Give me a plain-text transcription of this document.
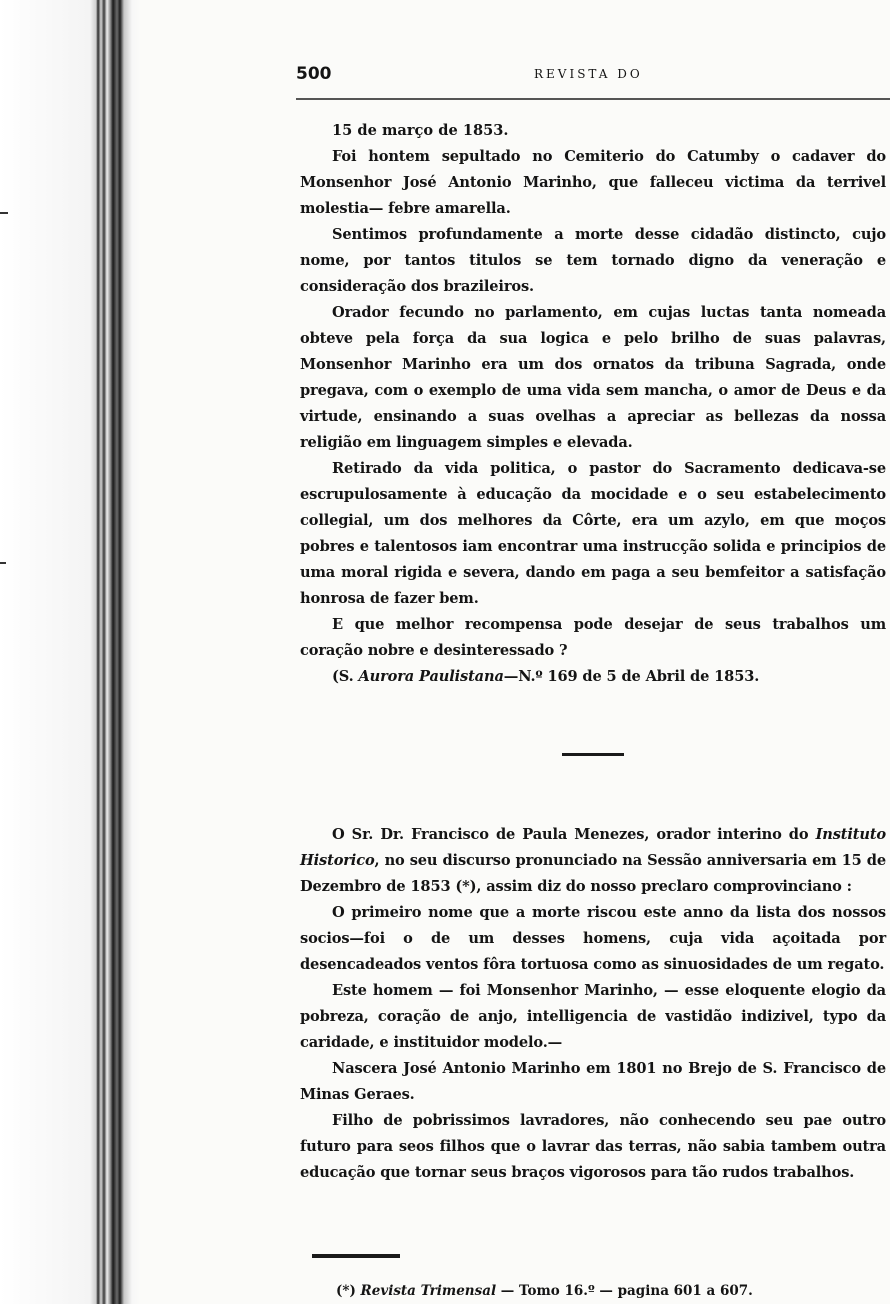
500	REVISTA DO
15 de março de 1853.

Foi hontem sepultado no Cemiterio do Catumby o cadaver do Monsenhor José Antonio Marinho, que falleceu victima da terrivel molestia— febre amarella.

Sentimos profundamente a morte desse cidadão distincto, cujo nome, por tantos titulos se tem tornado digno da veneração e consideração dos brazileiros.

Orador fecundo no parlamento, em cujas luctas tanta nomeada obteve pela força da sua logica e pelo brilho de suas palavras, Monsenhor Marinho era um dos ornatos da tribuna Sagrada, onde pregava, com o exemplo de uma vida sem mancha, o amor de Deus e da virtude, ensinando a suas ovelhas a apreciar as bellezas da nossa religião em linguagem simples e elevada.

Retirado da vida politica, o pastor do Sacramento dedicava-se escrupulosamente à educação da mocidade e o seu estabelecimento collegial, um dos melhores da Côrte, era um azylo, em que moços pobres e talentosos iam encontrar uma instrucção solida e principios de uma moral rigida e severa, dando em paga a seu bemfeitor a satisfação honrosa de fazer bem.

E que melhor recompensa pode desejar de seus trabalhos um coração nobre e desinteressado ?

(S. Aurora Paulistana—N.º 169 de 5 de Abril de 1853.

O Sr. Dr. Francisco de Paula Menezes, orador interino do Instituto Historico, no seu discurso pronunciado na Sessão anniversaria em 15 de Dezembro de 1853 (*), assim diz do nosso preclaro comprovinciano :

O primeiro nome que a morte riscou este anno da lista dos nossos socios—foi o de um desses homens, cuja vida açoitada por desencadeados ventos fôra tortuosa como as sinuosidades de um regato.

Este homem — foi Monsenhor Marinho, — esse eloquente elogio da pobreza, coração de anjo, intelligencia de vastidão indizivel, typo da caridade, e instituidor modelo.—

Nascera José Antonio Marinho em 1801 no Brejo de S. Francisco de Minas Geraes.

Filho de pobrissimos lavradores, não conhecendo seu pae outro futuro para seos filhos que o lavrar das terras, não sabia tambem outra educação que tornar seus braços vigorosos para tão rudos trabalhos.

(*) Revista Trimensal — Tomo 16.º — pagina 601 a 607.
